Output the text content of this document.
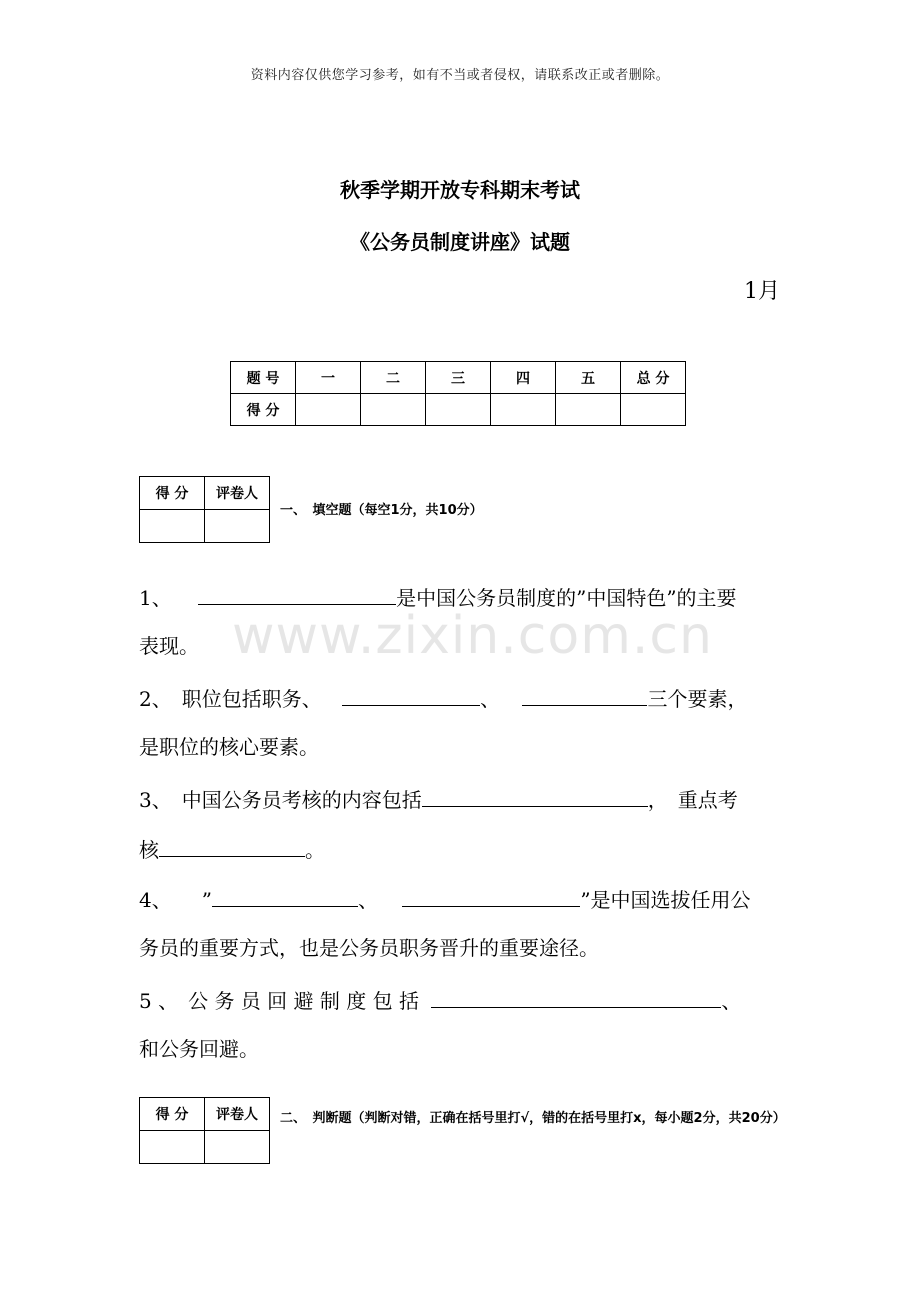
资料内容仅供您学习参考，如有不当或者侵权，请联系改正或者删除。
秋季学期开放专科期末考试
《公务员制度讲座》试题
1月
题 号	一	二	三	四	五	总 分
得 分						
得 分	评卷人

一、　填空题（每空1分，共10分）
www.zixin.com.cn
1、	是中国公务员制度的”中国特色”的主要
表现。
2、　职位包括职务、	、	三个要素，
是职位的核心要素。
3、　中国公务员考核的内容包括	，　重点考
核	。
4、　　”	、	”是中国选拔任用公
务员的重要方式，也是公务员职务晋升的重要途径。
5 、　公 务 员 回 避 制 度 包 括	、
和公务回避。
得 分	评卷人
	二、　判断题（判断对错，正确在括号里打√，错的在括号里打x，每小题2分，共20分）
